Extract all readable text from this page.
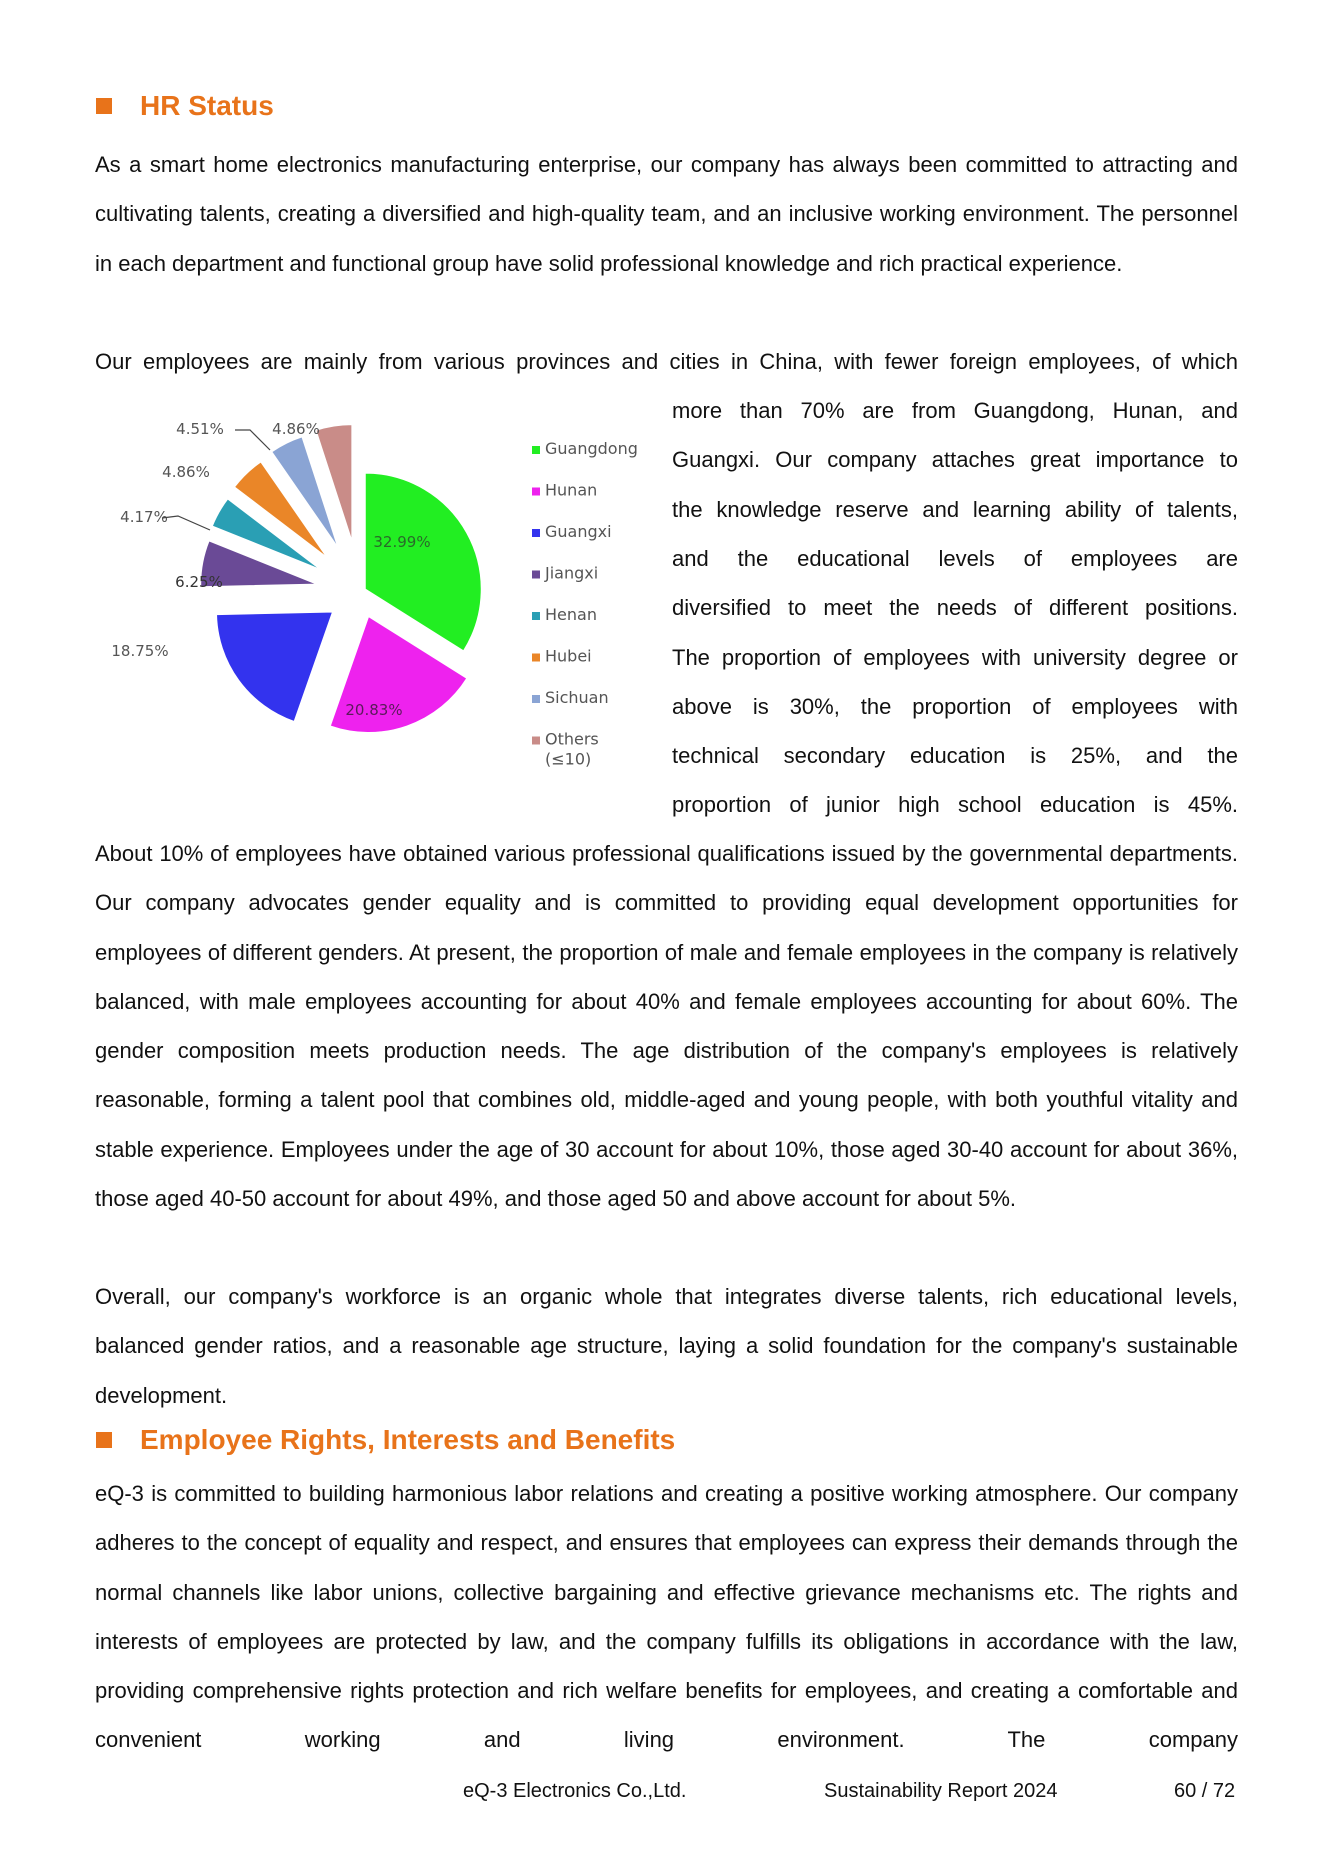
HR Status

As a smart home electronics manufacturing enterprise, our company has always been committed to attracting and cultivating talents, creating a diversified and high-quality team, and an inclusive working environment. The personnel in each department and functional group have solid professional knowledge and rich practical experience.

Our employees are mainly from various provinces and cities in China, with fewer foreign employees, of which

more than 70% are from Guangdong, Hunan, and

Guangxi. Our company attaches great importance to

the knowledge reserve and learning ability of talents,

and the educational levels of employees are

diversified to meet the needs of different positions.

The proportion of employees with university degree or

above is 30%, the proportion of employees with

technical secondary education is 25%, and the

proportion of junior high school education is 45%.

32.99%
20.83%
18.75%
6.25%
4.17%
4.86%
4.51%	4.86%
Guangdong
Hunan
Guangxi
Jiangxi
Henan
Hubei
Sichuan
Others (≤10)

About 10% of employees have obtained various professional qualifications issued by the governmental departments. Our company advocates gender equality and is committed to providing equal development opportunities for employees of different genders. At present, the proportion of male and female employees in the company is relatively balanced, with male employees accounting for about 40% and female employees accounting for about 60%. The gender composition meets production needs. The age distribution of the company's employees is relatively reasonable, forming a talent pool that combines old, middle-aged and young people, with both youthful vitality and stable experience. Employees under the age of 30 account for about 10%, those aged 30-40 account for about 36%, those aged 40-50 account for about 49%, and those aged 50 and above account for about 5%.

Overall, our company's workforce is an organic whole that integrates diverse talents, rich educational levels, balanced gender ratios, and a reasonable age structure, laying a solid foundation for the company's sustainable development.

Employee Rights, Interests and Benefits

eQ-3 is committed to building harmonious labor relations and creating a positive working atmosphere. Our company adheres to the concept of equality and respect, and ensures that employees can express their demands through the normal channels like labor unions, collective bargaining and effective grievance mechanisms etc. The rights and interests of employees are protected by law, and the company fulfills its obligations in accordance with the law, providing comprehensive rights protection and rich welfare benefits for employees, and creating a comfortable and convenient working and living environment. The company

eQ-3 Electronics Co.,Ltd.	Sustainability Report 2024	60 / 72
